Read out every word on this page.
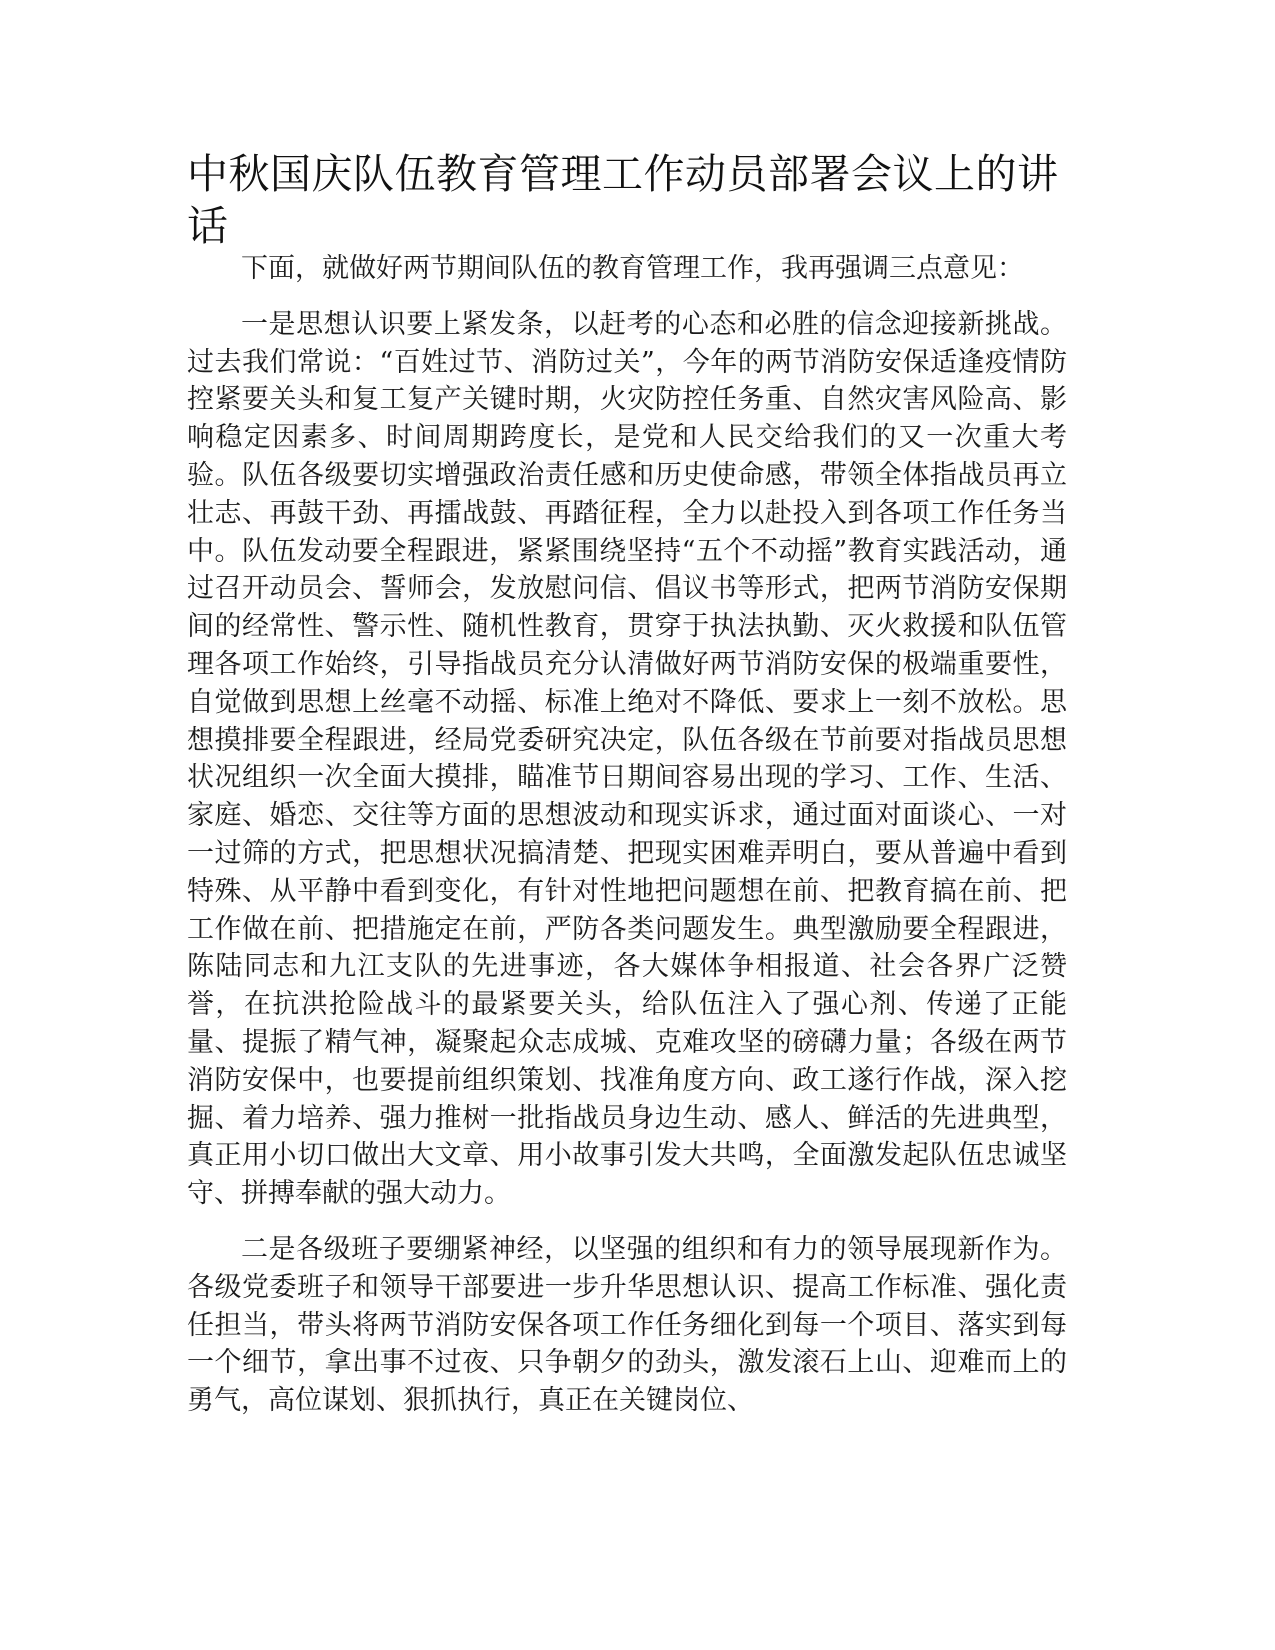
中秋国庆队伍教育管理工作动员部署会议上的讲话

下面，就做好两节期间队伍的教育管理工作，我再强调三点意见：

一是思想认识要上紧发条，以赶考的心态和必胜的信念迎接新挑战。过去我们常说：“百姓过节、消防过关”，今年的两节消防安保适逢疫情防控紧要关头和复工复产关键时期，火灾防控任务重、自然灾害风险高、影响稳定因素多、时间周期跨度长，是党和人民交给我们的又一次重大考验。队伍各级要切实增强政治责任感和历史使命感，带领全体指战员再立壮志、再鼓干劲、再擂战鼓、再踏征程，全力以赴投入到各项工作任务当中。队伍发动要全程跟进，紧紧围绕坚持“五个不动摇”教育实践活动，通过召开动员会、誓师会，发放慰问信、倡议书等形式，把两节消防安保期间的经常性、警示性、随机性教育，贯穿于执法执勤、灭火救援和队伍管理各项工作始终，引导指战员充分认清做好两节消防安保的极端重要性，自觉做到思想上丝毫不动摇、标准上绝对不降低、要求上一刻不放松。思想摸排要全程跟进，经局党委研究决定，队伍各级在节前要对指战员思想状况组织一次全面大摸排，瞄准节日期间容易出现的学习、工作、生活、家庭、婚恋、交往等方面的思想波动和现实诉求，通过面对面谈心、一对一过筛的方式，把思想状况搞清楚、把现实困难弄明白，要从普遍中看到特殊、从平静中看到变化，有针对性地把问题想在前、把教育搞在前、把工作做在前、把措施定在前，严防各类问题发生。典型激励要全程跟进，陈陆同志和九江支队的先进事迹，各大媒体争相报道、社会各界广泛赞誉，在抗洪抢险战斗的最紧要关头，给队伍注入了强心剂、传递了正能量、提振了精气神，凝聚起众志成城、克难攻坚的磅礴力量；各级在两节消防安保中，也要提前组织策划、找准角度方向、政工遂行作战，深入挖掘、着力培养、强力推树一批指战员身边生动、感人、鲜活的先进典型，真正用小切口做出大文章、用小故事引发大共鸣，全面激发起队伍忠诚坚守、拼搏奉献的强大动力。

二是各级班子要绷紧神经，以坚强的组织和有力的领导展现新作为。各级党委班子和领导干部要进一步升华思想认识、提高工作标准、强化责任担当，带头将两节消防安保各项工作任务细化到每一个项目、落实到每一个细节，拿出事不过夜、只争朝夕的劲头，激发滚石上山、迎难而上的勇气，高位谋划、狠抓执行，真正在关键岗位、
